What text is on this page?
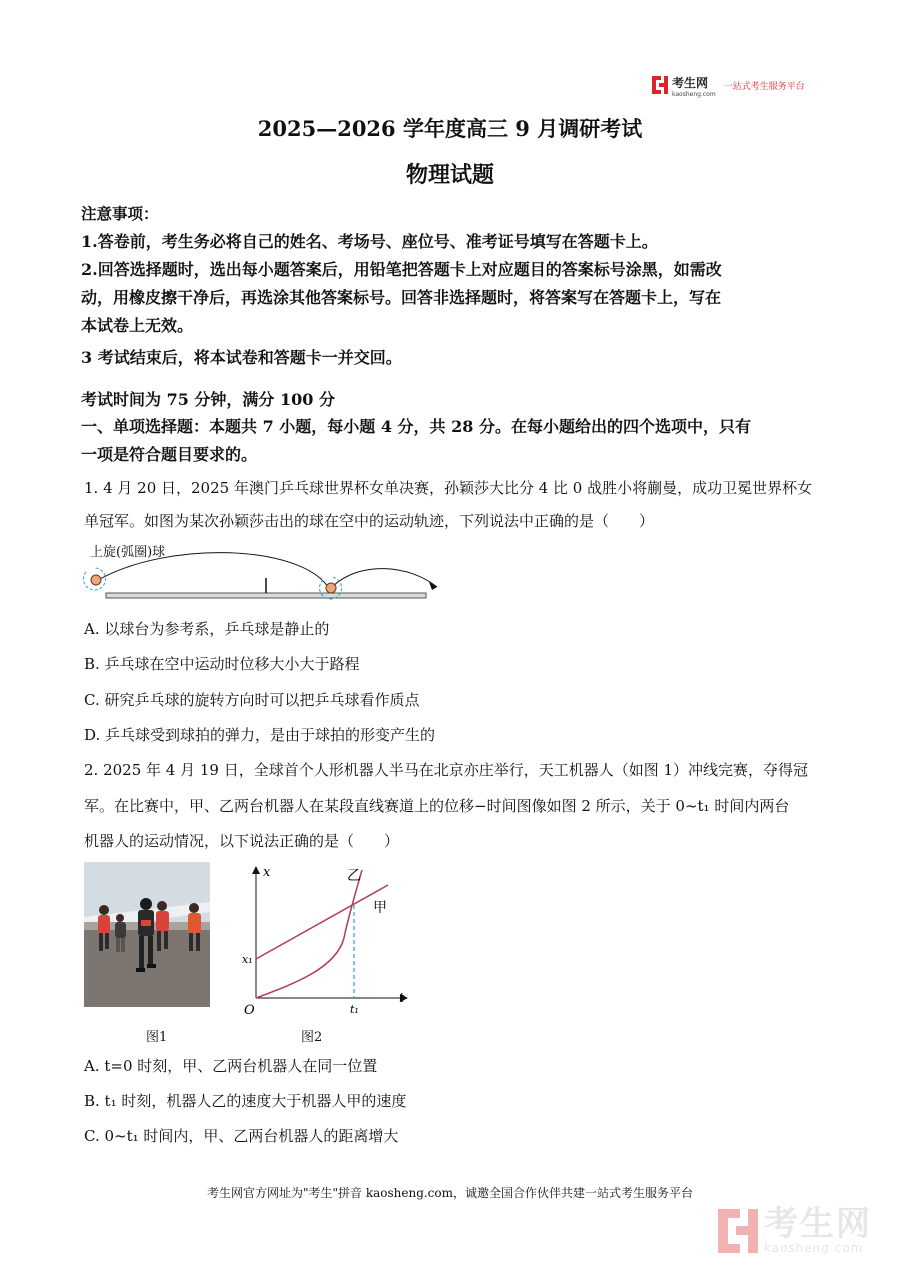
考生网
kaosheng.com
一站式考生服务平台
2025—2026 学年度高三 9 月调研考试
物理试题
注意事项：
1.答卷前，考生务必将自己的姓名、考场号、座位号、准考证号填写在答题卡上。
2.回答选择题时，选出每小题答案后，用铅笔把答题卡上对应题目的答案标号涂黑，如需改
动，用橡皮擦干净后，再选涂其他答案标号。回答非选择题时，将答案写在答题卡上，写在
本试卷上无效。
3 考试结束后，将本试卷和答题卡一并交回。
考试时间为 75 分钟，满分 100 分
一、单项选择题：本题共 7 小题，每小题 4 分，共 28 分。在每小题给出的四个选项中，只有
一项是符合题目要求的。
1. 4 月 20 日，2025 年澳门乒乓球世界杯女单决赛，孙颖莎大比分 4 比 0 战胜小将蒯曼，成功卫冕世界杯女
单冠军。如图为某次孙颖莎击出的球在空中的运动轨迹，下列说法中正确的是（　　）
上旋(弧圈)球
A. 以球台为参考系，乒乓球是静止的
B. 乒乓球在空中运动时位移大小大于路程
C. 研究乒乓球的旋转方向时可以把乒乓球看作质点
D. 乒乓球受到球拍的弹力，是由于球拍的形变产生的
2. 2025 年 4 月 19 日，全球首个人形机器人半马在北京亦庄举行，天工机器人（如图 1）冲线完赛，夺得冠
军。在比赛中，甲、乙两台机器人在某段直线赛道上的位移−时间图像如图 2 所示，关于 0~t₁ 时间内两台
机器人的运动情况，以下说法正确的是（　　）
图1
x
t
O
x₁
t₁
甲
乙
图2
A. t=0 时刻，甲、乙两台机器人在同一位置
B. t₁ 时刻，机器人乙的速度大于机器人甲的速度
C. 0~t₁ 时间内，甲、乙两台机器人的距离增大
考生网官方网址为"考生"拼音 kaosheng.com，诚邀全国合作伙伴共建一站式考生服务平台
考生网
kaosheng.com
